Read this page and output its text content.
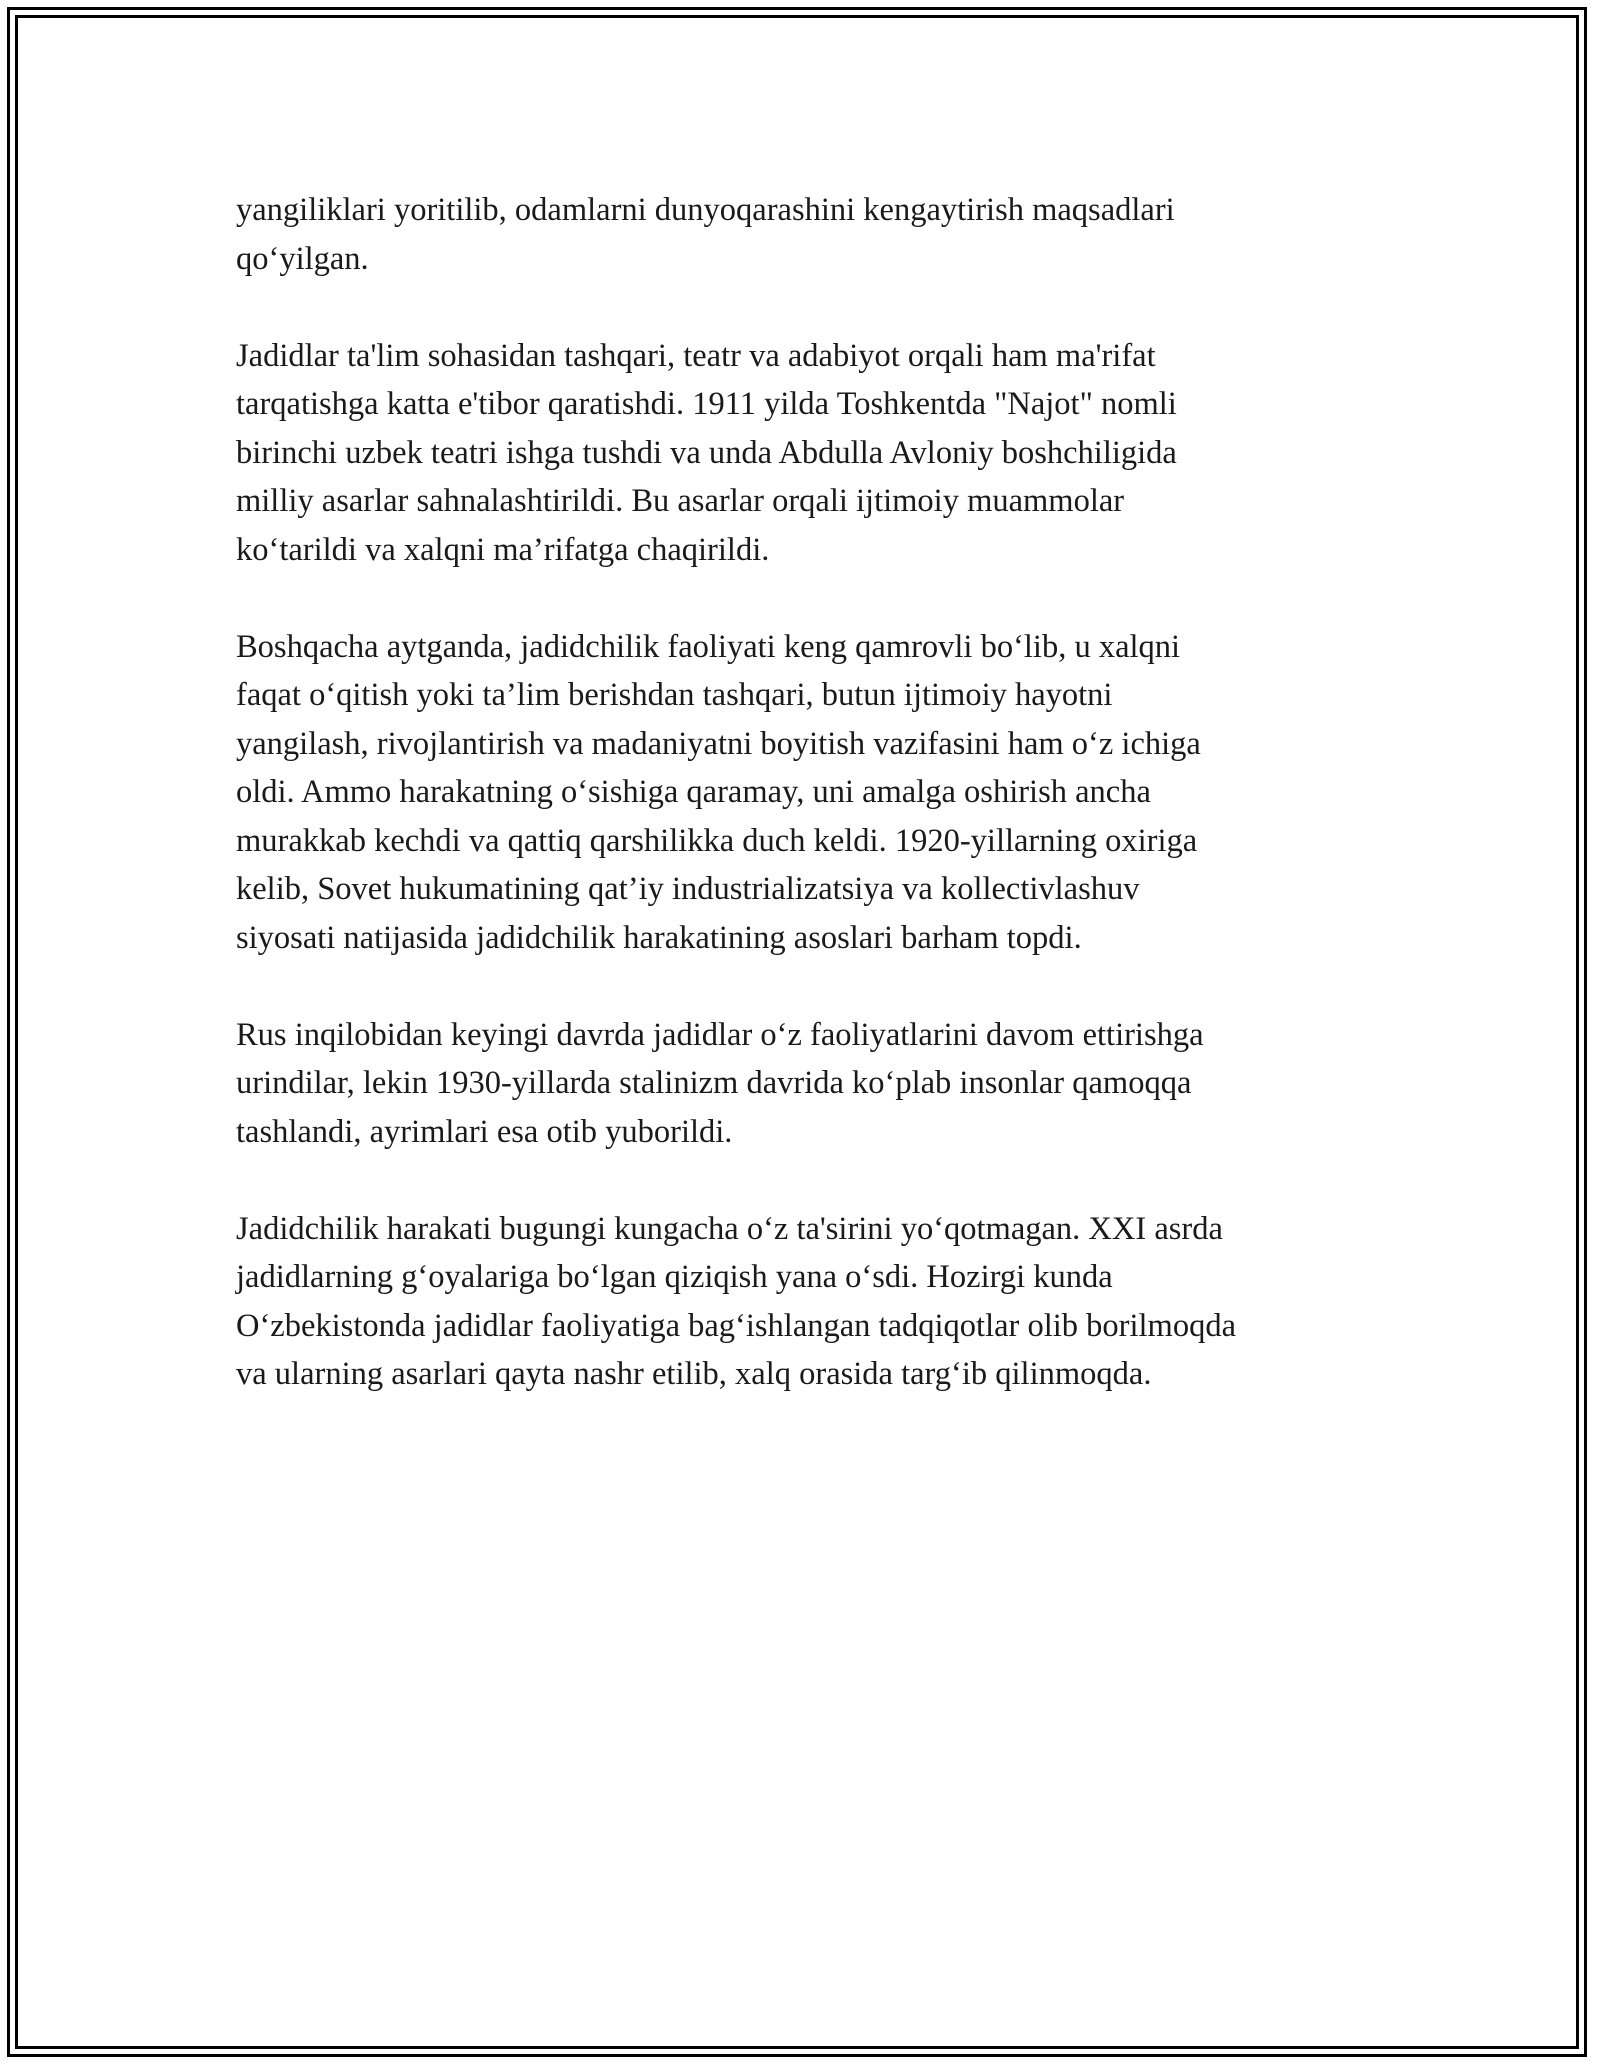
yangiliklari yoritilib, odamlarni dunyoqarashini kengaytirish maqsadlari
qo‘yilgan.

Jadidlar ta'lim sohasidan tashqari, teatr va adabiyot orqali ham ma'rifat
tarqatishga katta e'tibor qaratishdi. 1911 yilda Toshkentda "Najot" nomli
birinchi uzbek teatri ishga tushdi va unda Abdulla Avloniy boshchiligida
milliy asarlar sahnalashtirildi. Bu asarlar orqali ijtimoiy muammolar
ko‘tarildi va xalqni ma’rifatga chaqirildi.

Boshqacha aytganda, jadidchilik faoliyati keng qamrovli bo‘lib, u xalqni
faqat o‘qitish yoki ta’lim berishdan tashqari, butun ijtimoiy hayotni
yangilash, rivojlantirish va madaniyatni boyitish vazifasini ham o‘z ichiga
oldi. Ammo harakatning o‘sishiga qaramay, uni amalga oshirish ancha
murakkab kechdi va qattiq qarshilikka duch keldi. 1920-yillarning oxiriga
kelib, Sovet hukumatining qat’iy industrializatsiya va kollectivlashuv
siyosati natijasida jadidchilik harakatining asoslari barham topdi.

Rus inqilobidan keyingi davrda jadidlar o‘z faoliyatlarini davom ettirishga
urindilar, lekin 1930-yillarda stalinizm davrida ko‘plab insonlar qamoqqa
tashlandi, ayrimlari esa otib yuborildi.

Jadidchilik harakati bugungi kungacha o‘z ta'sirini yo‘qotmagan. XXI asrda
jadidlarning g‘oyalariga bo‘lgan qiziqish yana o‘sdi. Hozirgi kunda
O‘zbekistonda jadidlar faoliyatiga bag‘ishlangan tadqiqotlar olib borilmoqda
va ularning asarlari qayta nashr etilib, xalq orasida targ‘ib qilinmoqda.
